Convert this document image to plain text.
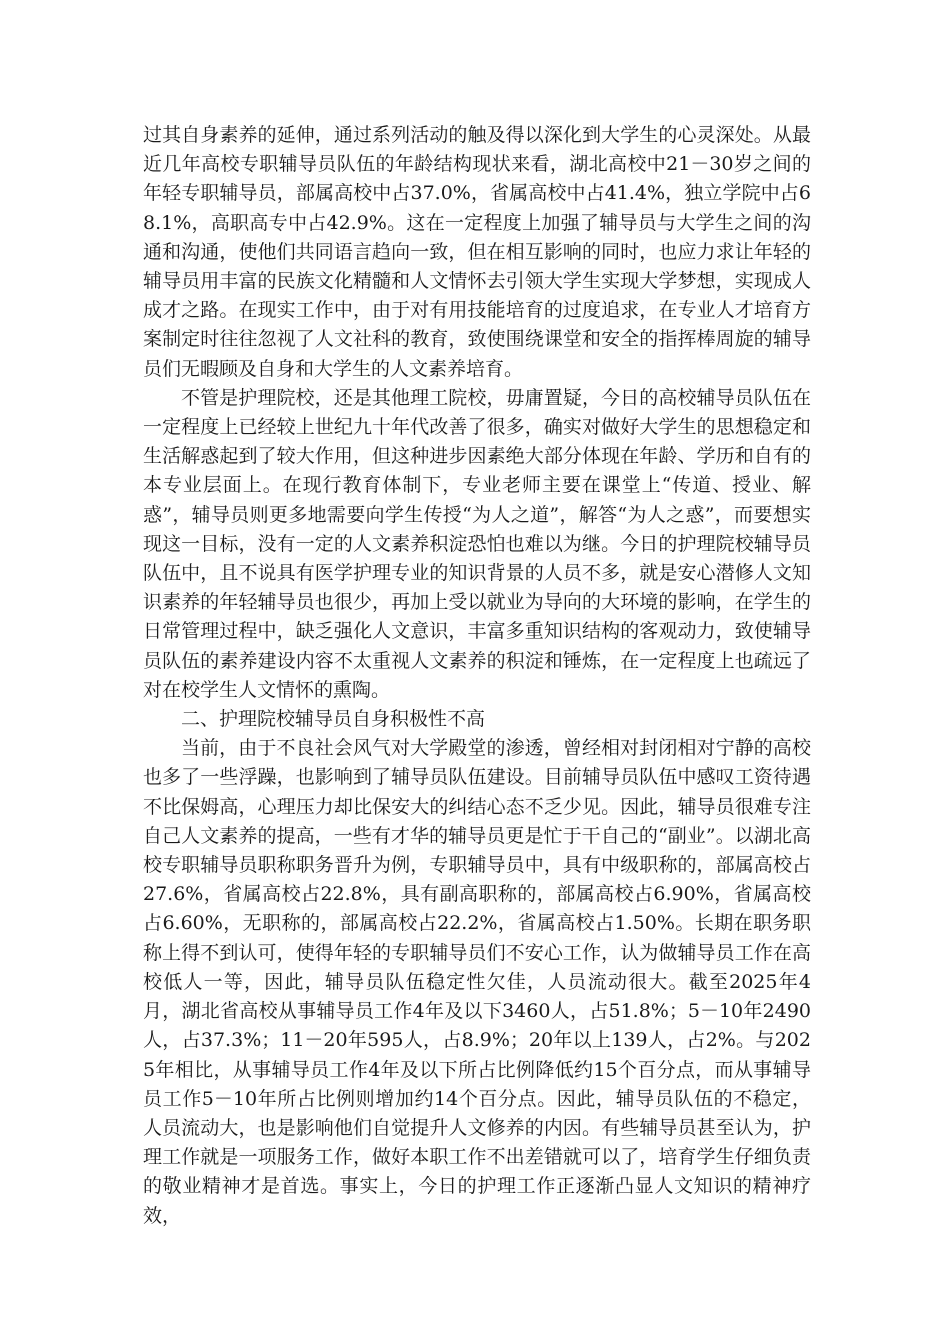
过其自身素养的延伸，通过系列活动的触及得以深化到大学生的心灵深处。从最近几年高校专职辅导员队伍的年龄结构现状来看，湖北高校中21－30岁之间的年轻专职辅导员，部属高校中占37.0%，省属高校中占41.4%，独立学院中占68.1%，高职高专中占42.9%。这在一定程度上加强了辅导员与大学生之间的沟通和沟通，使他们共同语言趋向一致，但在相互影响的同时，也应力求让年轻的辅导员用丰富的民族文化精髓和人文情怀去引领大学生实现大学梦想，实现成人成才之路。在现实工作中，由于对有用技能培育的过度追求，在专业人才培育方案制定时往往忽视了人文社科的教育，致使围绕课堂和安全的指挥棒周旋的辅导员们无暇顾及自身和大学生的人文素养培育。

不管是护理院校，还是其他理工院校，毋庸置疑，今日的高校辅导员队伍在一定程度上已经较上世纪九十年代改善了很多，确实对做好大学生的思想稳定和生活解惑起到了较大作用，但这种进步因素绝大部分体现在年龄、学历和自有的本专业层面上。在现行教育体制下，专业老师主要在课堂上“传道、授业、解惑”，辅导员则更多地需要向学生传授“为人之道”，解答“为人之惑”，而要想实现这一目标，没有一定的人文素养积淀恐怕也难以为继。今日的护理院校辅导员队伍中，且不说具有医学护理专业的知识背景的人员不多，就是安心潜修人文知识素养的年轻辅导员也很少，再加上受以就业为导向的大环境的影响，在学生的日常管理过程中，缺乏强化人文意识，丰富多重知识结构的客观动力，致使辅导员队伍的素养建设内容不太重视人文素养的积淀和锤炼，在一定程度上也疏远了对在校学生人文情怀的熏陶。

二、护理院校辅导员自身积极性不高

当前，由于不良社会风气对大学殿堂的渗透，曾经相对封闭相对宁静的高校也多了一些浮躁，也影响到了辅导员队伍建设。目前辅导员队伍中感叹工资待遇不比保姆高，心理压力却比保安大的纠结心态不乏少见。因此，辅导员很难专注自己人文素养的提高，一些有才华的辅导员更是忙于干自己的“副业”。以湖北高校专职辅导员职称职务晋升为例，专职辅导员中，具有中级职称的，部属高校占27.6%，省属高校占22.8%，具有副高职称的，部属高校占6.90%，省属高校占6.60%，无职称的，部属高校占22.2%，省属高校占1.50%。长期在职务职称上得不到认可，使得年轻的专职辅导员们不安心工作，认为做辅导员工作在高校低人一等，因此，辅导员队伍稳定性欠佳，人员流动很大。截至2025年4月，湖北省高校从事辅导员工作4年及以下3460人，占51.8%；5－10年2490人，占37.3%；11－20年595人，占8.9%；20年以上139人，占2%。与2025年相比，从事辅导员工作4年及以下所占比例降低约15个百分点，而从事辅导员工作5－10年所占比例则增加约14个百分点。因此，辅导员队伍的不稳定，人员流动大，也是影响他们自觉提升人文修养的内因。有些辅导员甚至认为，护理工作就是一项服务工作，做好本职工作不出差错就可以了，培育学生仔细负责的敬业精神才是首选。事实上，今日的护理工作正逐渐凸显人文知识的精神疗效，
